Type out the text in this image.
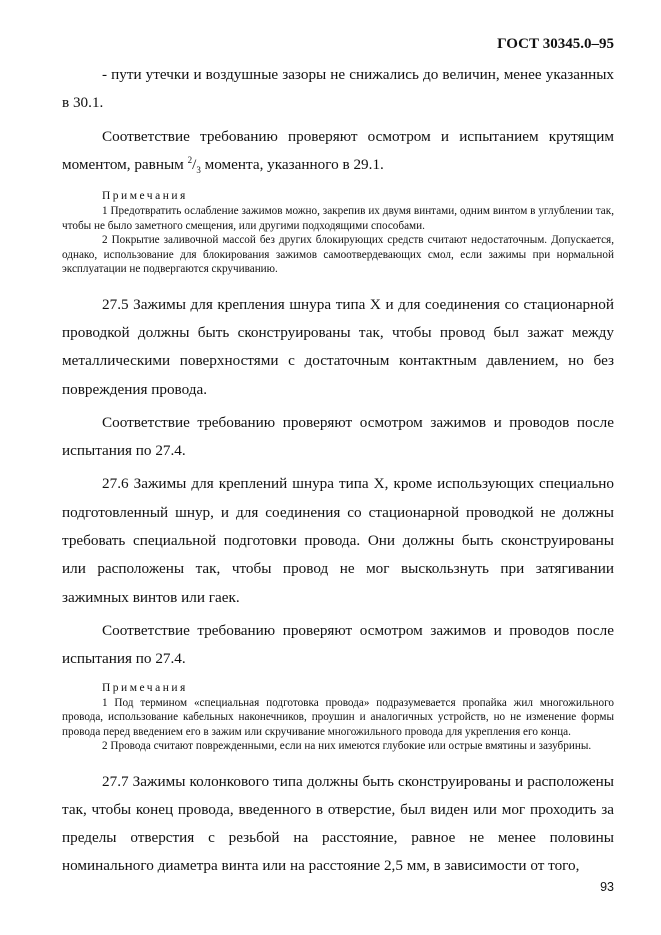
ГОСТ 30345.0–95

- пути утечки и воздушные зазоры не снижались до величин, менее указанных в 30.1.

Соответствие требованию проверяют осмотром и испытанием крутящим моментом, равным $^2/_3$ момента, указанного в 29.1.

Примечания

1 Предотвратить ослабление зажимов можно, закрепив их двумя винтами, одним винтом в углублении так, чтобы не было заметного смещения, или другими подходящими способами.

2 Покрытие заливочной массой без других блокирующих средств считают недостаточным. Допускается, однако, использование для блокирования зажимов самоотвердевающих смол, если зажимы при нормальной эксплуатации не подвергаются скручиванию.

27.5 Зажимы для крепления шнура типа X и для соединения со стационарной проводкой должны быть сконструированы так, чтобы провод был зажат между металлическими поверхностями с достаточным контактным давлением, но без повреждения провода.

Соответствие требованию проверяют осмотром зажимов и проводов после испытания по 27.4.

27.6 Зажимы для креплений шнура типа X, кроме использующих специально подготовленный шнур, и для соединения со стационарной проводкой не должны требовать специальной подготовки провода. Они должны быть сконструированы или расположены так, чтобы провод не мог выскользнуть при затягивании зажимных винтов или гаек.

Соответствие требованию проверяют осмотром зажимов и проводов после испытания по 27.4.

Примечания

1 Под термином «специальная подготовка провода» подразумевается пропайка жил многожильного провода, использование кабельных наконечников, проушин и аналогичных устройств, но не изменение формы провода перед введением его в зажим или скручивание многожильного провода для укрепления его конца.

2 Провода считают поврежденными, если на них имеются глубокие или острые вмятины и зазубрины.

27.7 Зажимы колонкового типа должны быть сконструированы и расположены так, чтобы конец провода, введенного в отверстие, был виден или мог проходить за пределы отверстия с резьбой на расстояние, равное не менее половины номинального диаметра винта или на расстояние 2,5 мм, в зависимости от того,

93
